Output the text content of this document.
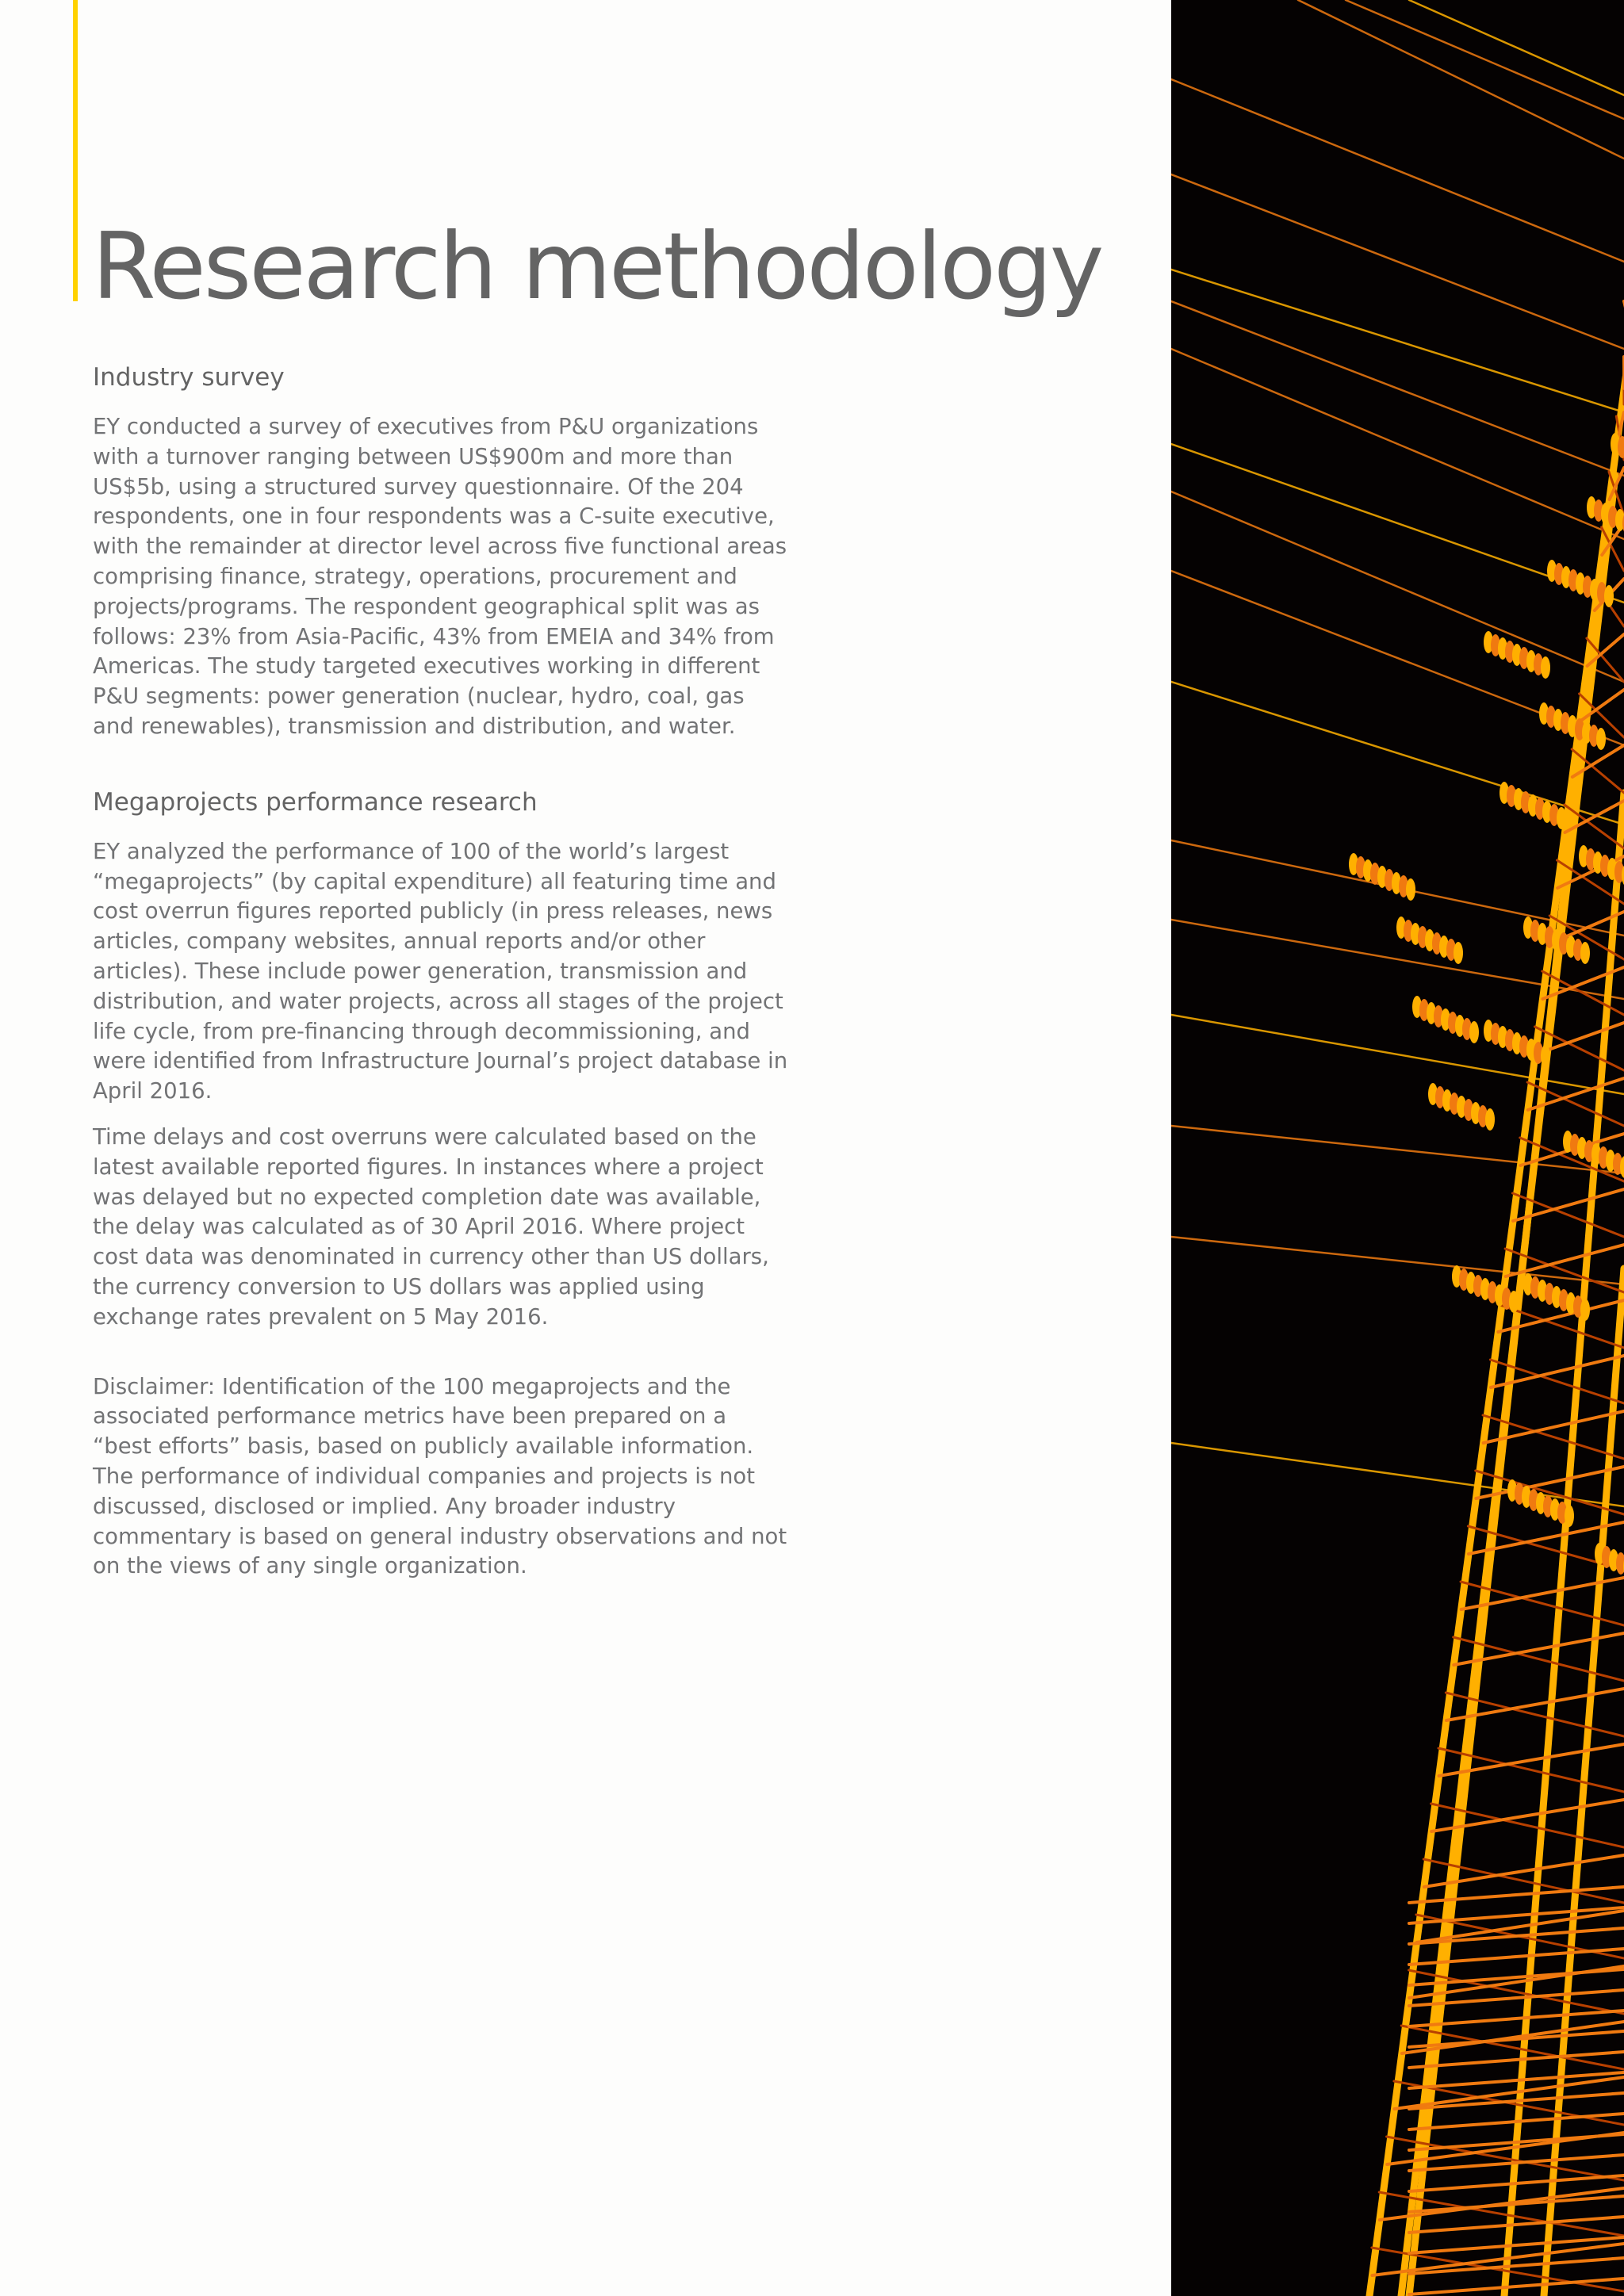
Research methodology
Industry survey

EY conducted a survey of executives from P&U organizations with a turnover ranging between US$900m and more than US$5b, using a structured survey questionnaire. Of the 204 respondents, one in four respondents was a C-suite executive, with the remainder at director level across five functional areas comprising finance, strategy, operations, procurement and projects/programs. The respondent geographical split was as follows: 23% from Asia-Pacific, 43% from EMEIA and 34% from Americas. The study targeted executives working in different P&U segments: power generation (nuclear, hydro, coal, gas and renewables), transmission and distribution, and water.

Megaprojects performance research

EY analyzed the performance of 100 of the world’s largest “megaprojects” (by capital expenditure) all featuring time and cost overrun figures reported publicly (in press releases, news articles, company websites, annual reports and/or other articles). These include power generation, transmission and distribution, and water projects, across all stages of the project life cycle, from pre-financing through decommissioning, and were identified from Infrastructure Journal’s project database in April 2016.

Time delays and cost overruns were calculated based on the latest available reported figures. In instances where a project was delayed but no expected completion date was available, the delay was calculated as of 30 April 2016. Where project cost data was denominated in currency other than US dollars, the currency conversion to US dollars was applied using exchange rates prevalent on 5 May 2016.

Disclaimer: Identification of the 100 megaprojects and the associated performance metrics have been prepared on a “best efforts” basis, based on publicly available information. The performance of individual companies and projects is not discussed, disclosed or implied. Any broader industry commentary is based on general industry observations and not on the views of any single organization.
